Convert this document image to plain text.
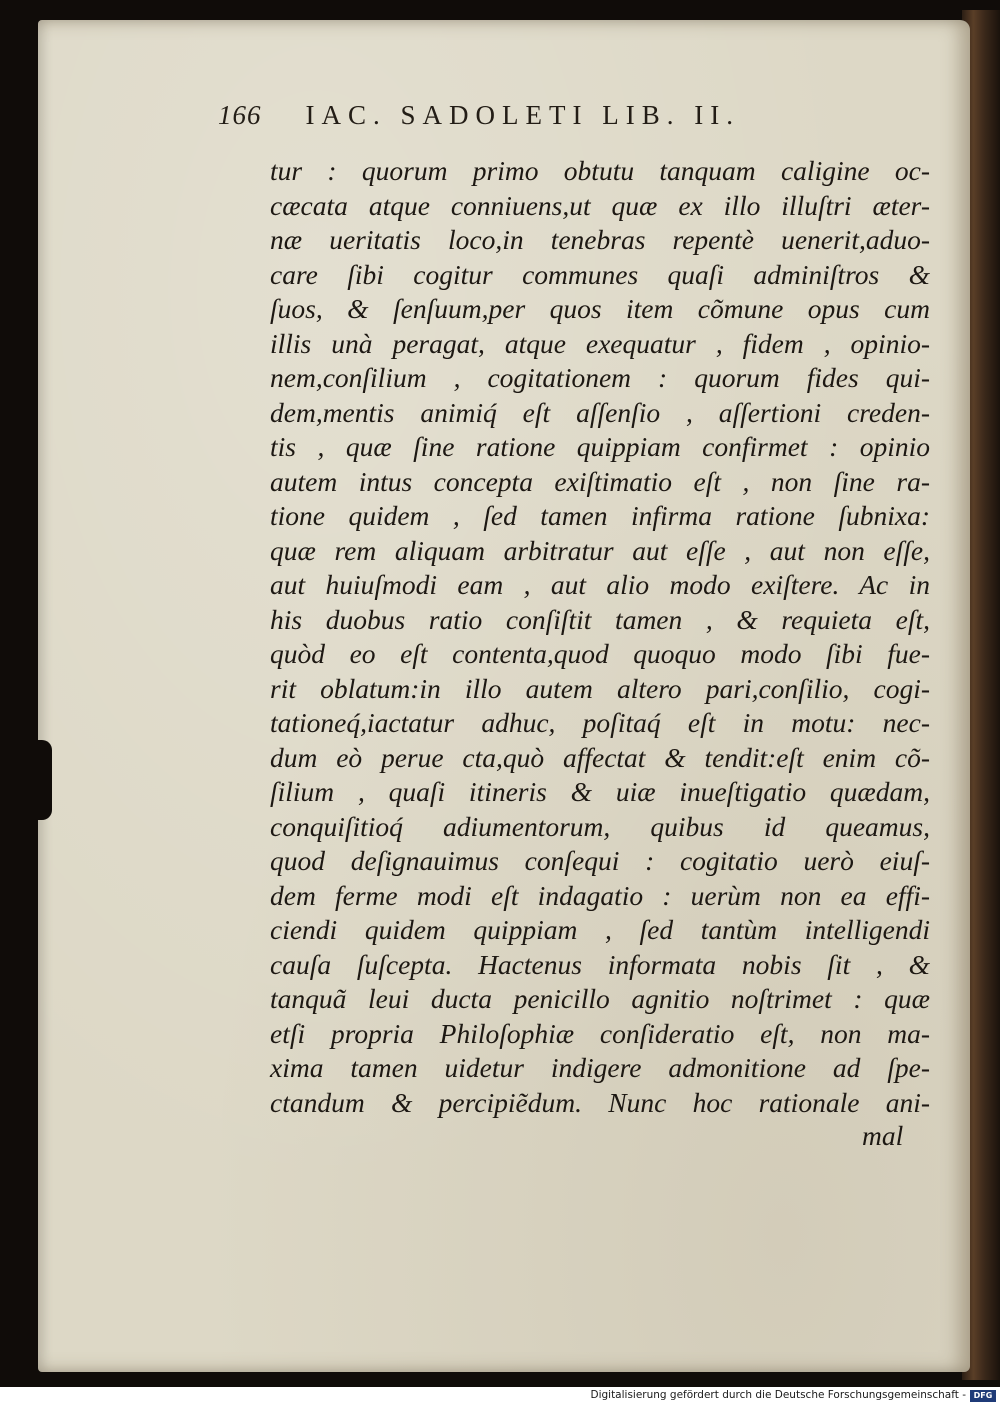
166 IAC. SADOLETI LIB. II.
tur : quorum primo obtutu tanquam caligine oc-
cæcata atque conniuens,ut quæ ex illo illuſtri æter-
næ ueritatis loco,in tenebras repentè uenerit,aduo-
care ſibi cogitur communes quaſi adminiſtros &
ſuos, & ſenſuum,per quos item cõmune opus cum
illis unà peragat, atque exequatur , fidem , opinio-
nem,conſilium , cogitationem : quorum fides qui-
dem,mentis animiq́ eſt aſſenſio , aſſertioni creden-
tis , quæ ſine ratione quippiam confirmet : opinio
autem intus concepta exiſtimatio eſt , non ſine ra-
tione quidem , ſed tamen infirma ratione ſubnixa:
quæ rem aliquam arbitratur aut eſſe , aut non eſſe,
aut huiuſmodi eam , aut alio modo exiſtere. Ac in
his duobus ratio conſiſtit tamen , & requieta eſt,
quòd eo eſt contenta,quod quoquo modo ſibi fue-
rit oblatum:in illo autem altero pari,conſilio, cogi-
tationeq́,iactatur adhuc, poſitaq́ eſt in motu: nec-
dum eò perue cta,quò affectat & tendit:eſt enim cõ-
ſilium , quaſi itineris & uiæ inueſtigatio quædam,
conquiſitioq́ adiumentorum, quibus id queamus,
quod deſignauimus conſequi : cogitatio uerò eiuſ-
dem ferme modi eſt indagatio : uerùm non ea effi-
ciendi quidem quippiam , ſed tantùm intelligendi
cauſa ſuſcepta. Hactenus informata nobis ſit , &
tanquã leui ducta penicillo agnitio noſtrimet : quæ
etſi propria Philoſophiæ conſideratio eſt, non ma-
xima tamen uidetur indigere admonitione ad ſpe-
ctandum & percipiẽdum. Nunc hoc rationale ani-
mal
Digitalisierung gefördert durch die Deutsche Forschungsgemeinschaft - DFG
